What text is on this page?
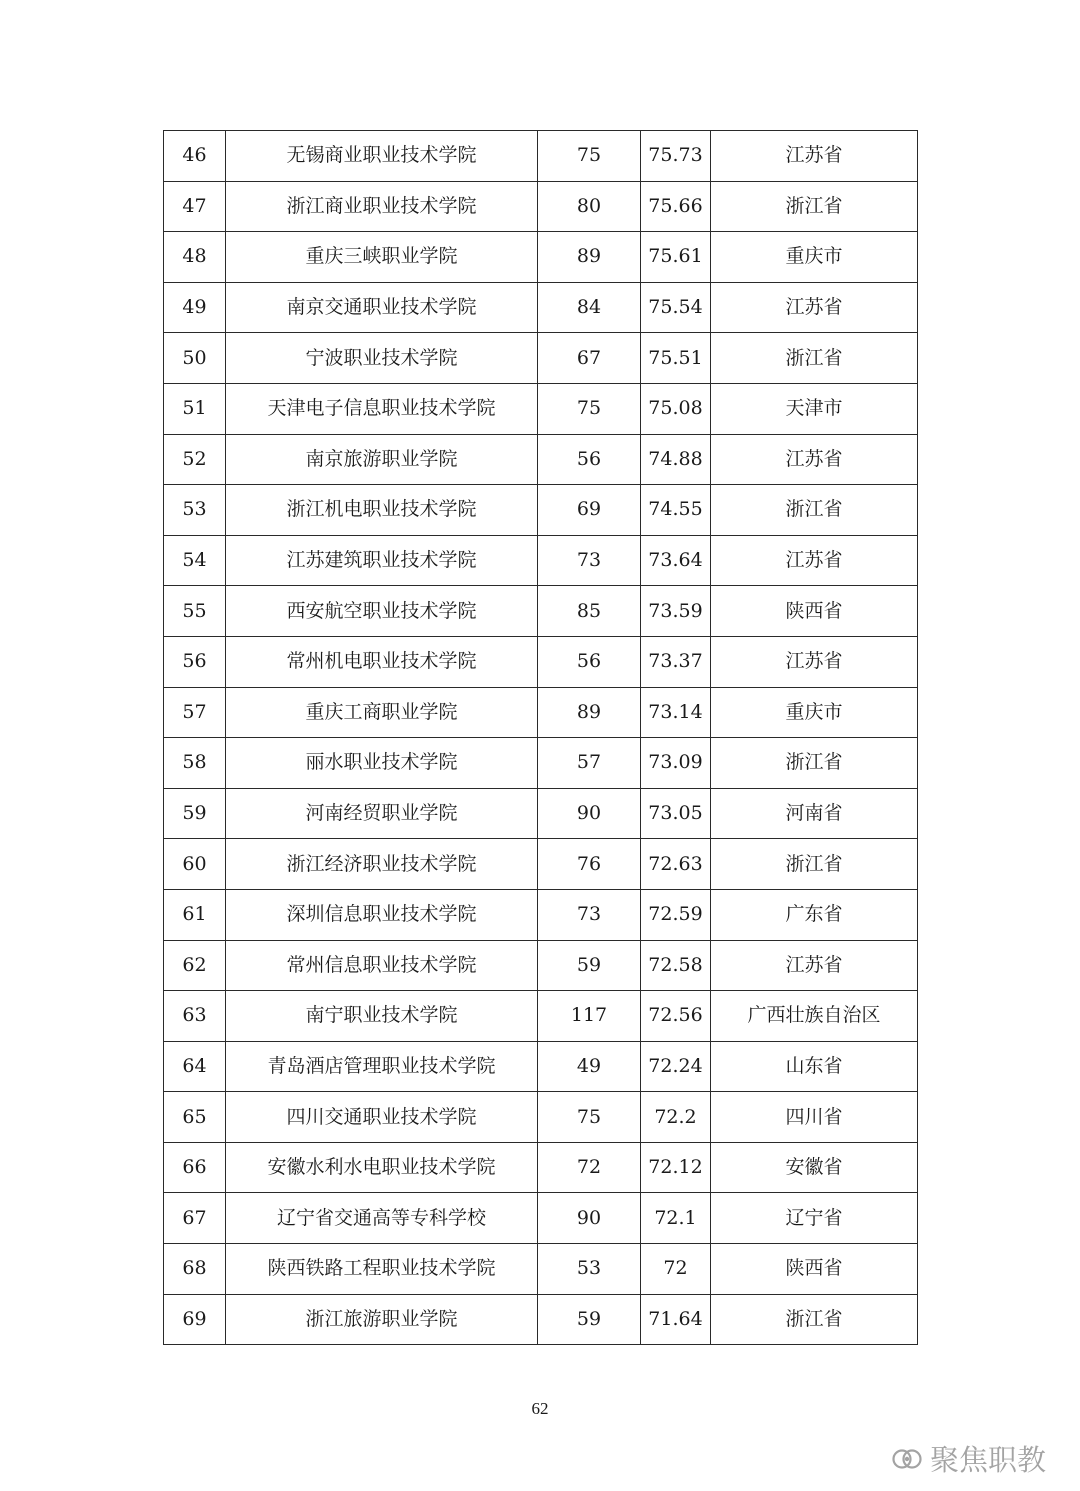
46	无锡商业职业技术学院	75	75.73	江苏省
47	浙江商业职业技术学院	80	75.66	浙江省
48	重庆三峡职业学院	89	75.61	重庆市
49	南京交通职业技术学院	84	75.54	江苏省
50	宁波职业技术学院	67	75.51	浙江省
51	天津电子信息职业技术学院	75	75.08	天津市
52	南京旅游职业学院	56	74.88	江苏省
53	浙江机电职业技术学院	69	74.55	浙江省
54	江苏建筑职业技术学院	73	73.64	江苏省
55	西安航空职业技术学院	85	73.59	陕西省
56	常州机电职业技术学院	56	73.37	江苏省
57	重庆工商职业学院	89	73.14	重庆市
58	丽水职业技术学院	57	73.09	浙江省
59	河南经贸职业学院	90	73.05	河南省
60	浙江经济职业技术学院	76	72.63	浙江省
61	深圳信息职业技术学院	73	72.59	广东省
62	常州信息职业技术学院	59	72.58	江苏省
63	南宁职业技术学院	117	72.56	广西壮族自治区
64	青岛酒店管理职业技术学院	49	72.24	山东省
65	四川交通职业技术学院	75	72.2	四川省
66	安徽水利水电职业技术学院	72	72.12	安徽省
67	辽宁省交通高等专科学校	90	72.1	辽宁省
68	陕西铁路工程职业技术学院	53	72	陕西省
69	浙江旅游职业学院	59	71.64	浙江省
62
聚焦职教
